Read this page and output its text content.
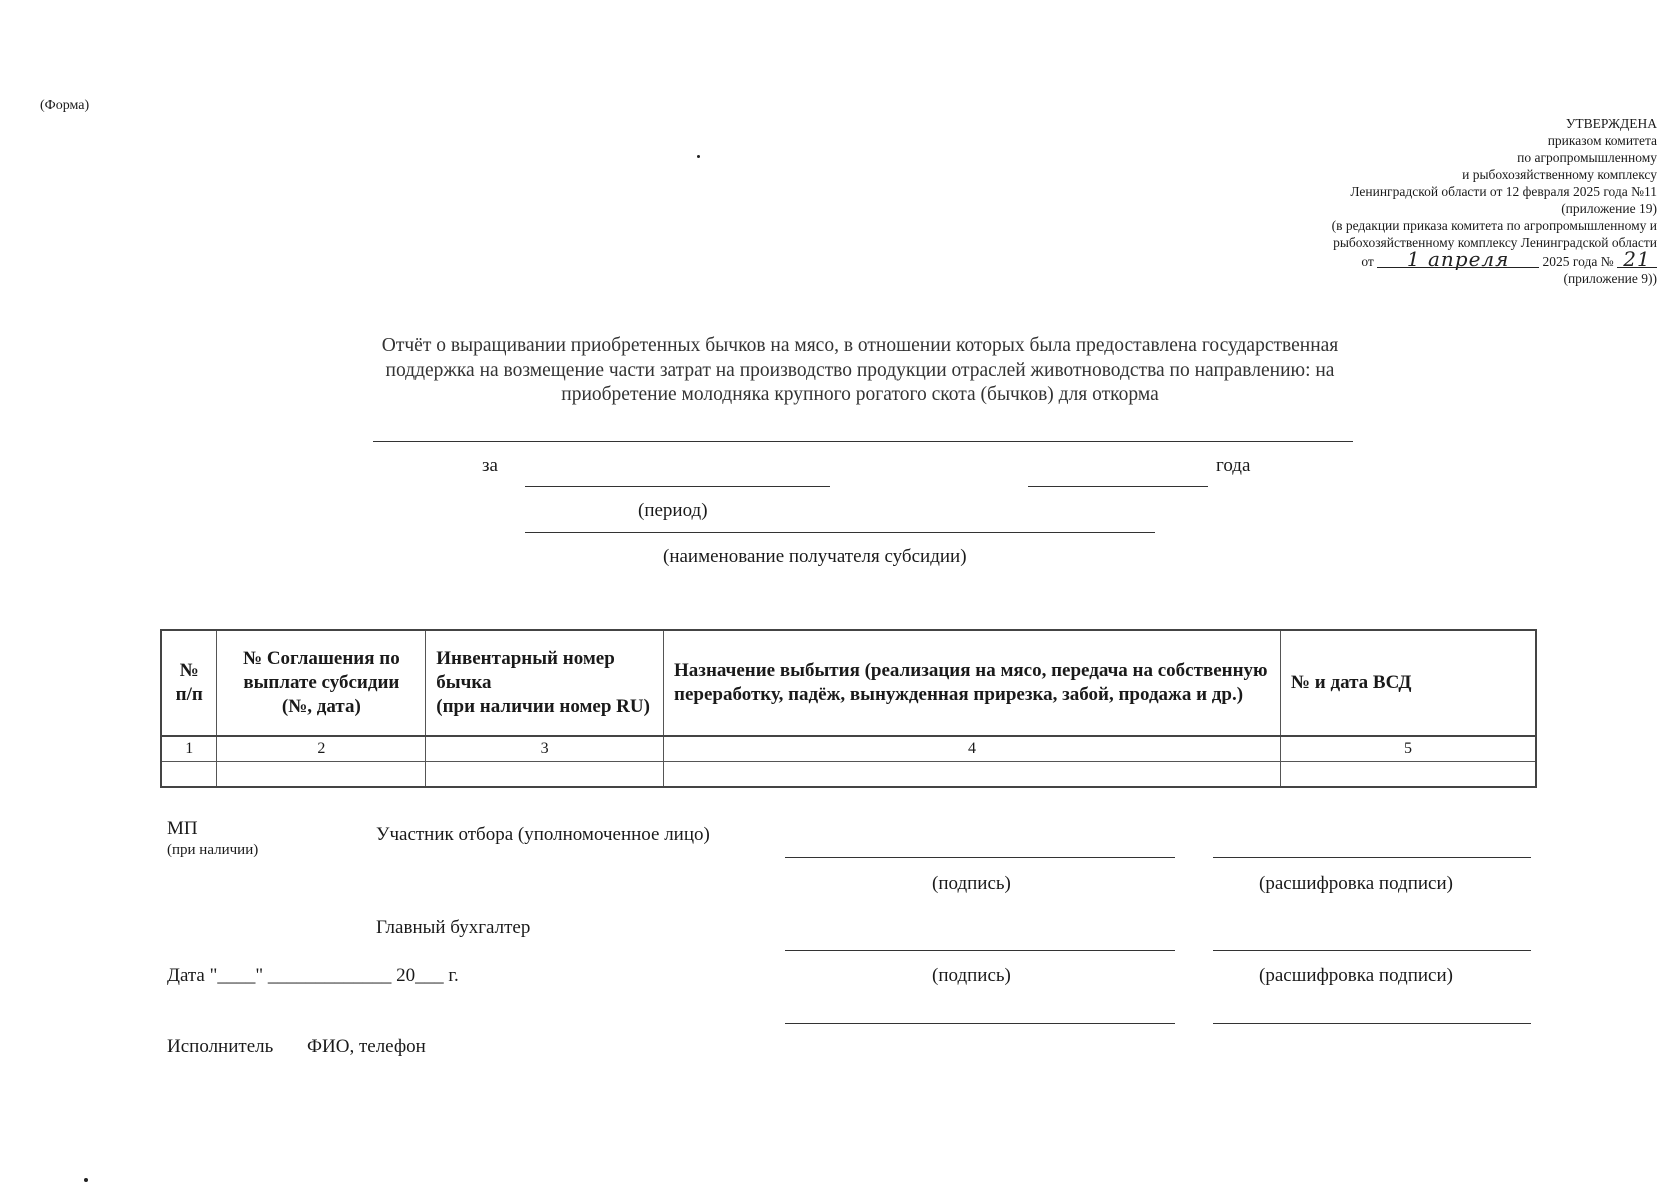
(Форма)
УТВЕРЖДЕНА
приказом комитета
по агропромышленному
и рыбохозяйственному комплексу
Ленинградской области от 12 февраля 2025 года №11
(приложение 19)
(в редакции приказа комитета по агропромышленному и
рыбохозяйственному комплексу Ленинградской области
от 1 апреля 2025 года № 21
(приложение 9))
Отчёт о выращивании приобретенных бычков на мясо, в отношении которых была предоставлена государственная поддержка на возмещение части затрат на производство продукции отраслей животноводства по направлению: на приобретение молодняка крупного рогатого скота (бычков) для откорма
за	года
(период)
(наименование получателя субсидии)
№ п/п	№ Соглашения по выплате субсидии (№, дата)	Инвентарный номер бычка
(при наличии номер RU)	Назначение выбытия (реализация на мясо, передача на собственную переработку, падёж, вынужденная прирезка, забой, продажа и др.)	№ и дата ВСД
1	2	3	4	5

МП
(при наличии)
Участник отбора (уполномоченное лицо)
(подпись)	(расшифровка подписи)
Главный бухгалтер
(подпись)	(расшифровка подписи)
Дата "____" _____________ 20___ г.
Исполнитель ФИО, телефон
